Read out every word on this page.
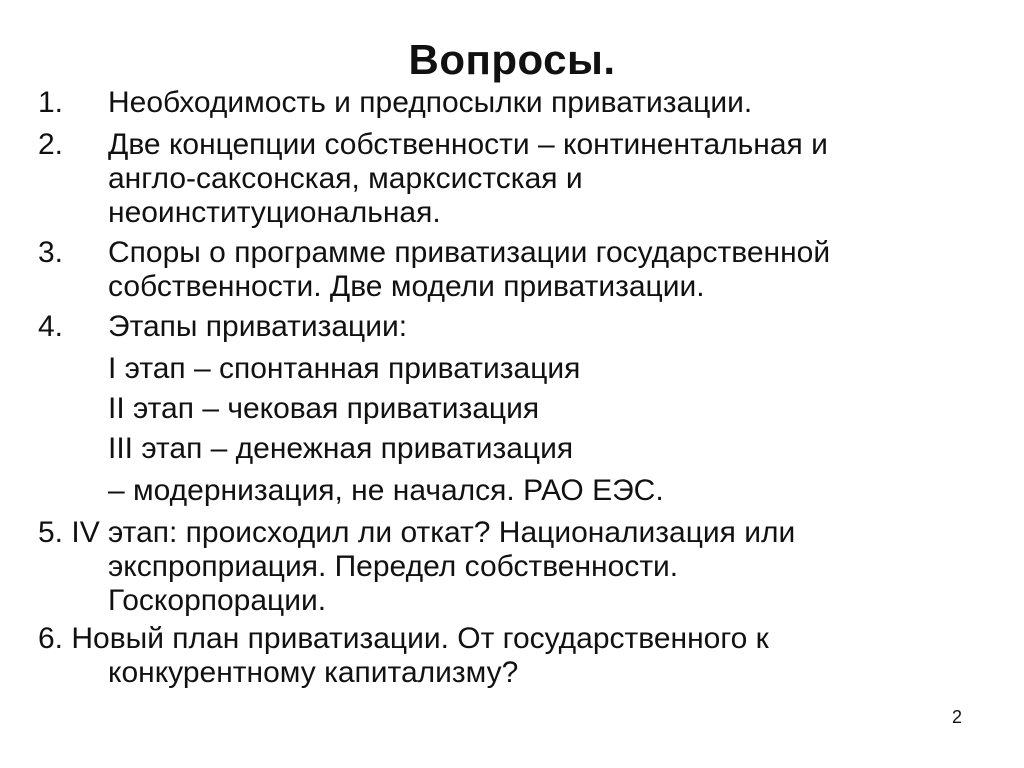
Вопросы.
1. Необходимость и предпосылки приватизации.
2. Две концепции собственности – континентальная и
англо-саксонская, марксистская и
неоинституциональная.
3. Споры о программе приватизации государственной
собственности. Две модели приватизации.
4. Этапы приватизации:
I этап – спонтанная приватизация
II этап – чековая приватизация
III этап – денежная приватизация
– модернизация, не начался. РАО ЕЭС.
5. IV этап: происходил ли откат? Национализация или
экспроприация. Передел собственности.
Госкорпорации.
6. Новый план приватизации. От государственного к
конкурентному капитализму?
2
